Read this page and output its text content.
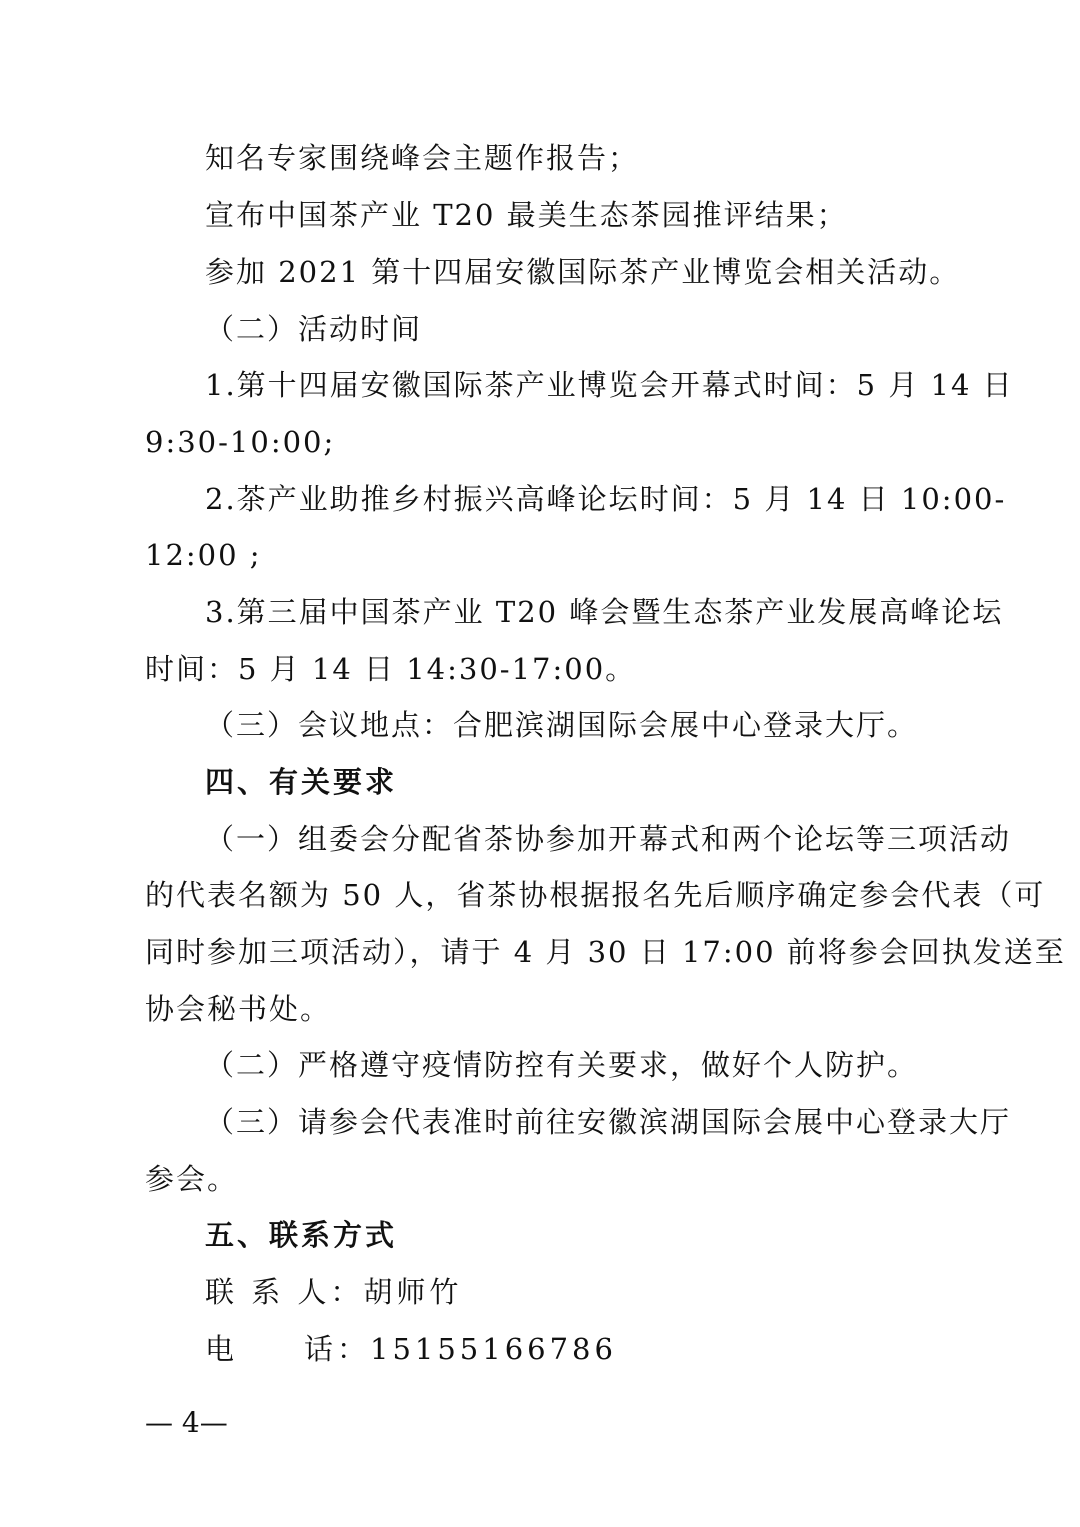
知名专家围绕峰会主题作报告；
宣布中国茶产业 T20 最美生态茶园推评结果；
参加 2021 第十四届安徽国际茶产业博览会相关活动。
（二）活动时间
1.第十四届安徽国际茶产业博览会开幕式时间：5 月 14 日
9:30-10:00;
2.茶产业助推乡村振兴高峰论坛时间：5 月 14 日 10:00-
12:00 ;
3.第三届中国茶产业 T20 峰会暨生态茶产业发展高峰论坛
时间：5 月 14 日 14:30-17:00。
（三）会议地点：合肥滨湖国际会展中心登录大厅。
四、有关要求
（一）组委会分配省茶协参加开幕式和两个论坛等三项活动
的代表名额为 50 人，省茶协根据报名先后顺序确定参会代表（可
同时参加三项活动），请于 4 月 30 日 17:00 前将参会回执发送至
协会秘书处。
（二）严格遵守疫情防控有关要求，做好个人防护。
（三）请参会代表准时前往安徽滨湖国际会展中心登录大厅
参会。
五、联系方式
联 系 人：胡师竹
电　　话：15155166786
— 4—
